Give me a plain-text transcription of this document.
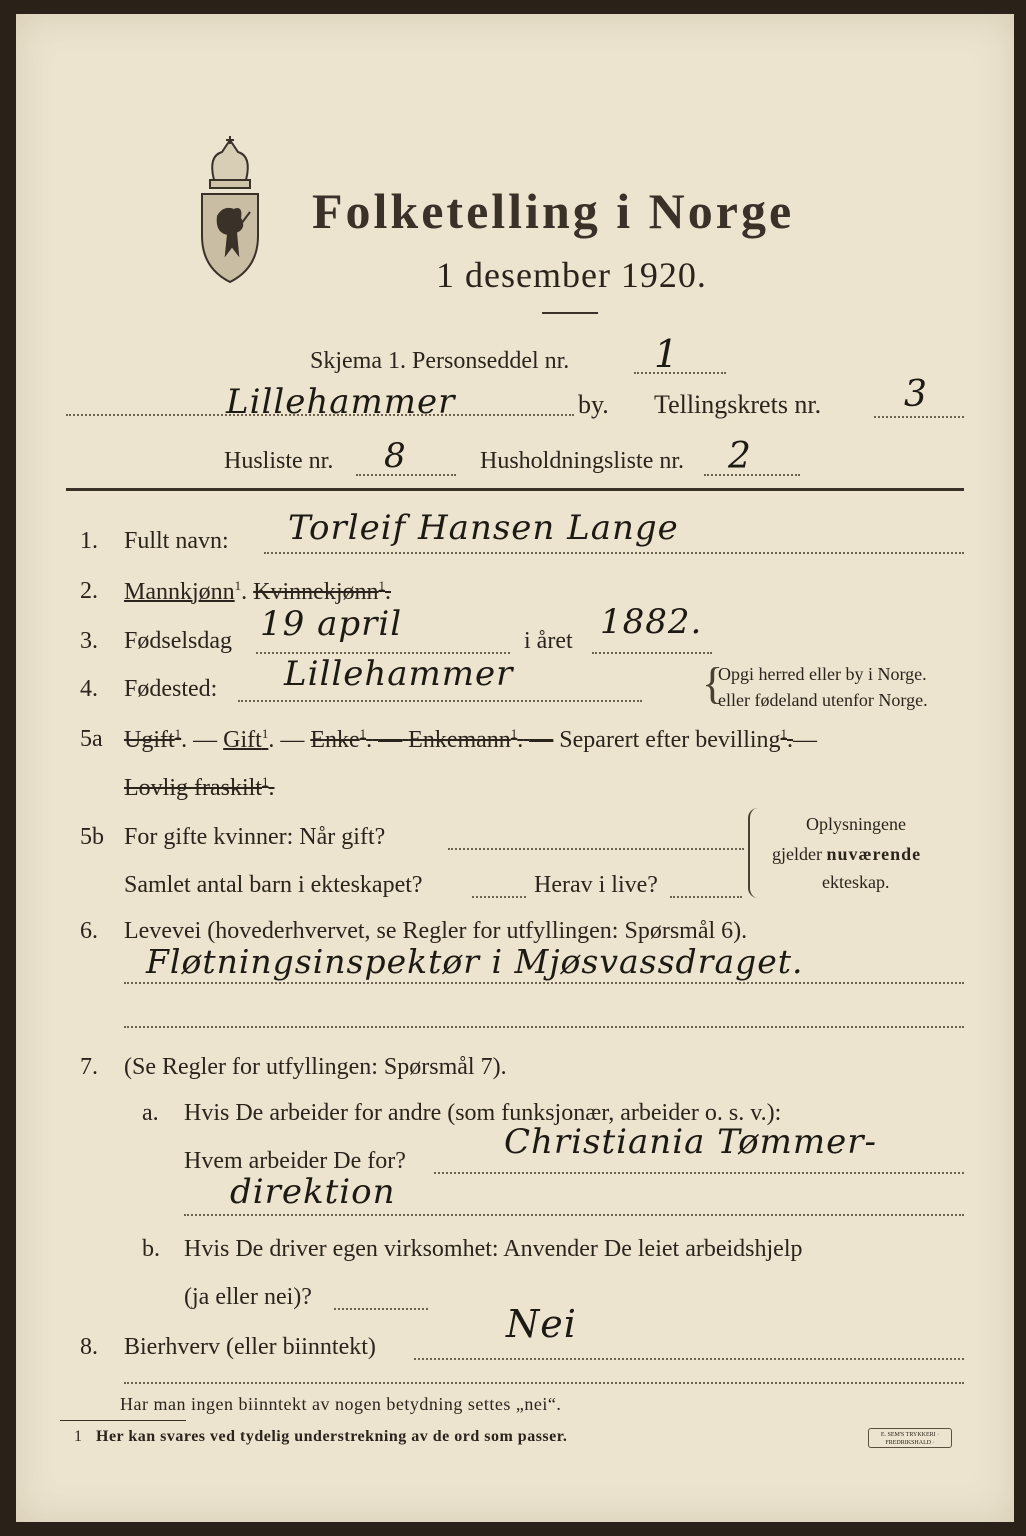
Folketelling i Norge
1 desember 1920.
Skjema 1. Personseddel nr. 1
Lillehammer	by. Tellingskrets nr. 3
Husliste nr. 8	Husholdningsliste nr. 2
1. Fullt navn: Torleif Hansen Lange
2. Mannkjønn$^1$. Kvinnekjønn$^1$.
3. Fødselsdag 19 april	i året 1882.
4. Fødested: Lillehammer	{
Opgi herred eller by i Norge.
eller fødeland utenfor Norge.
5a Ugift$^1$. — Gift$^1$. — Enke$^1$. — Enkemann$^1$. — Separert efter bevilling$^1$.—
Lovlig fraskilt$^1$.
5b For gifte kvinner: Når gift?
Samlet antal barn i ekteskapet?	Herav i live?
Oplysningene
gjelder nuværende
ekteskap.
6. Levevei (hovederhvervet, se Regler for utfyllingen: Spørsmål 6).
Fløtningsinspektør i Mjøsvassdraget.
7. (Se Regler for utfyllingen: Spørsmål 7).
a. Hvis De arbeider for andre (som funksjonær, arbeider o. s. v.):
Hvem arbeider De for?	Christiania Tømmer-
direktion
b. Hvis De driver egen virksomhet: Anvender De leiet arbeidshjelp
(ja eller nei)?
8. Bierhverv (eller biinntekt)
Nei
Har man ingen biinntekt av nogen betydning settes „nei“.
1 Her kan svares ved tydelig understrekning av de ord som passer.	E. SEM'S TRYKKERI · FREDRIKSHALD ·
